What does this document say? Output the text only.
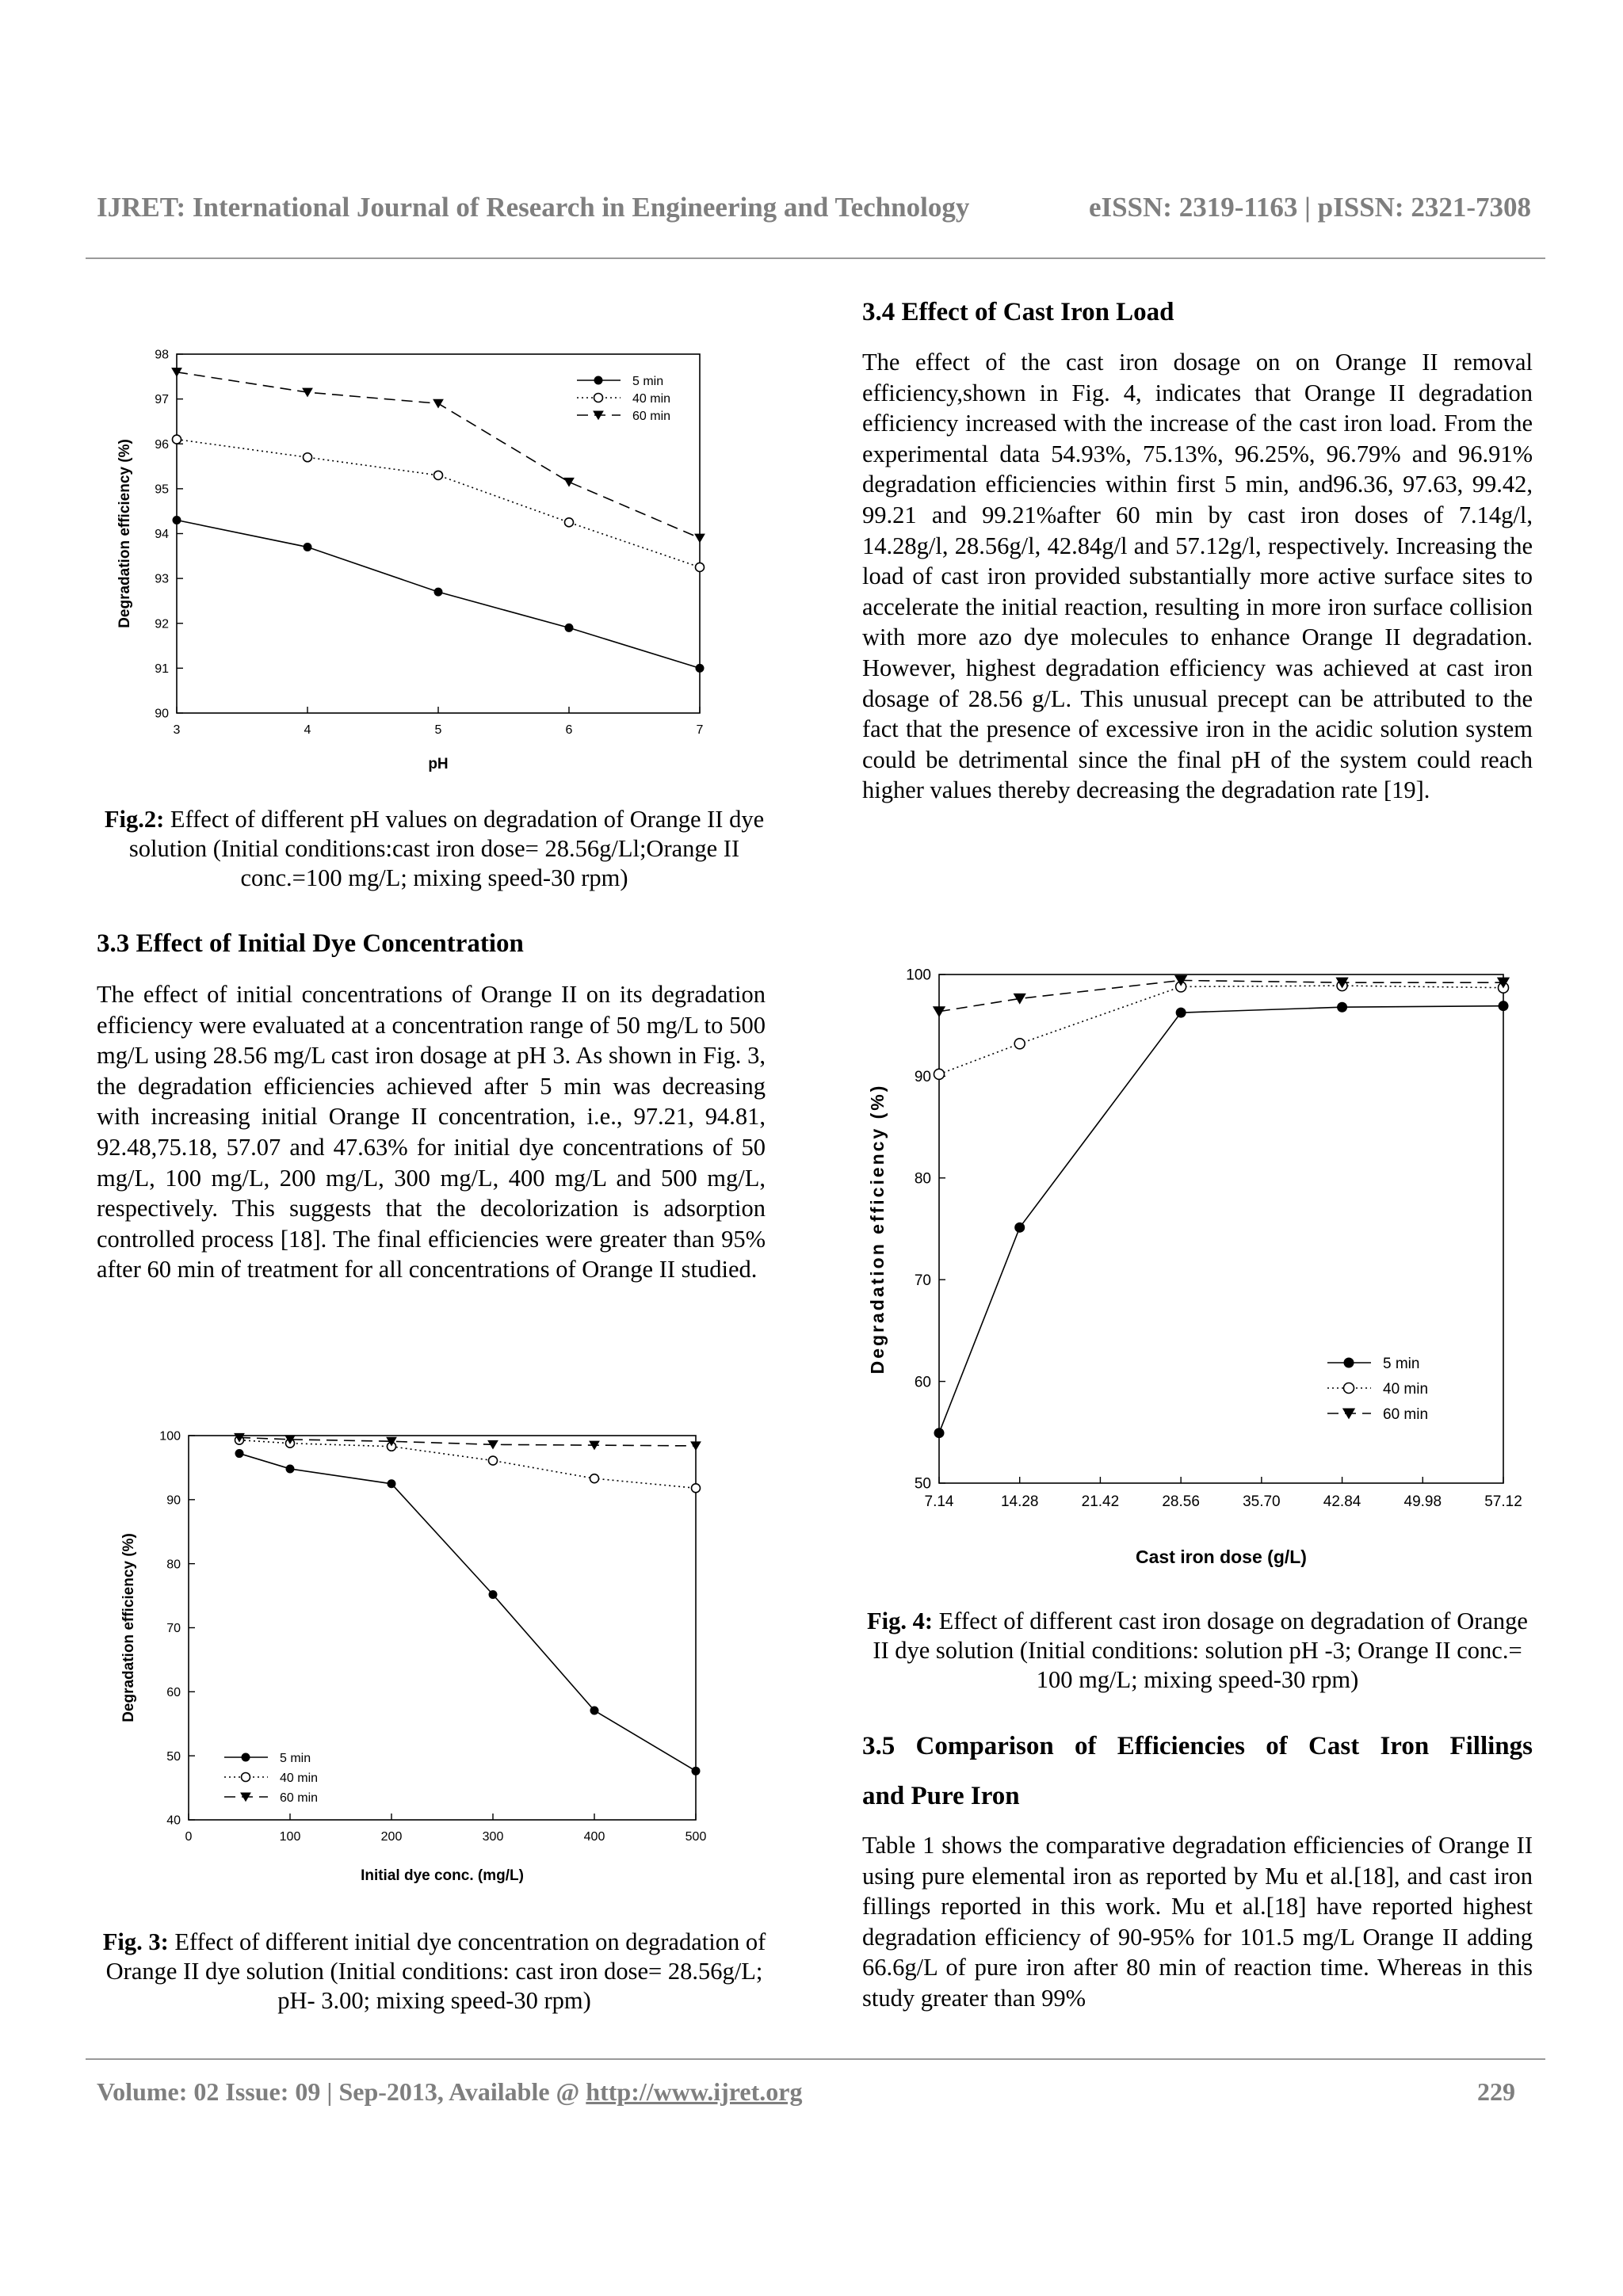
IJRET: International Journal of Research in Engineering and Technology	eISSN: 2319-1163 | pISSN: 2321-7308
90
91
92
93
94
95
96
97
98
3	4	5	6	7
pH
Degradation efficiency (%)
5 min
40 min
60 min
Fig.2: Effect of different pH values on degradation of Orange II dye solution (Initial conditions:cast iron dose= 28.56g/Ll;Orange II conc.=100 mg/L; mixing speed-30 rpm)
3.3 Effect of Initial Dye Concentration
The effect of initial concentrations of Orange II on its degradation efficiency were evaluated at a concentration range of 50 mg/L to 500 mg/L using 28.56 mg/L cast iron dosage at pH 3. As shown in Fig. 3, the degradation efficiencies achieved after 5 min was decreasing with increasing initial Orange II concentration, i.e., 97.21, 94.81, 92.48,75.18, 57.07 and 47.63% for initial dye concentrations of 50 mg/L, 100 mg/L, 200 mg/L, 300 mg/L, 400 mg/L and 500 mg/L, respectively. This suggests that the decolorization is adsorption controlled process [18]. The final efficiencies were greater than 95% after 60 min of treatment for all concentrations of Orange II studied.
40
50
60
70
80
90
100
0	100	200	300	400	500
Initial dye conc. (mg/L)
Degradation efficiency (%)
5 min
40 min
60 min
Fig. 3: Effect of different initial dye concentration on degradation of Orange II dye solution (Initial conditions: cast iron dose= 28.56g/L; pH- 3.00; mixing speed-30 rpm)
3.4 Effect of Cast Iron Load
The effect of the cast iron dosage on on Orange II removal efficiency,shown in Fig. 4, indicates that Orange II degradation efficiency increased with the increase of the cast iron load. From the experimental data 54.93%, 75.13%, 96.25%, 96.79% and 96.91% degradation efficiencies within first 5 min, and96.36, 97.63, 99.42, 99.21 and 99.21%after 60 min by cast iron doses of 7.14g/l, 14.28g/l, 28.56g/l, 42.84g/l and 57.12g/l, respectively. Increasing the load of cast iron provided substantially more active surface sites to accelerate the initial reaction, resulting in more iron surface collision with more azo dye molecules to enhance Orange II degradation. However, highest degradation efficiency was achieved at cast iron dosage of 28.56 g/L. This unusual precept can be attributed to the fact that the presence of excessive iron in the acidic solution system could be detrimental since the final pH of the system could reach higher values thereby decreasing the degradation rate [19].
50
60
70
80
90
100
7.14	14.28	21.42	28.56	35.70	42.84	49.98	57.12
Cast iron dose (g/L)
Degradation efficiency (%)	5 min
40 min
60 min
Fig. 4: Effect of different cast iron dosage on degradation of Orange II dye solution (Initial conditions: solution pH -3; Orange II conc.= 100 mg/L; mixing speed-30 rpm)
3.5 Comparison of Efficiencies of Cast Iron Fillings
and Pure Iron
Table 1 shows the comparative degradation efficiencies of Orange II using pure elemental iron as reported by Mu et al.[18], and cast iron fillings reported in this work. Mu et al.[18] have reported highest degradation efficiency of 90-95% for 101.5 mg/L Orange II adding 66.6g/L of pure iron after 80 min of reaction time. Whereas in this study greater than 99%
Volume: 02 Issue: 09 | Sep-2013, Available @ http://www.ijret.org	229
